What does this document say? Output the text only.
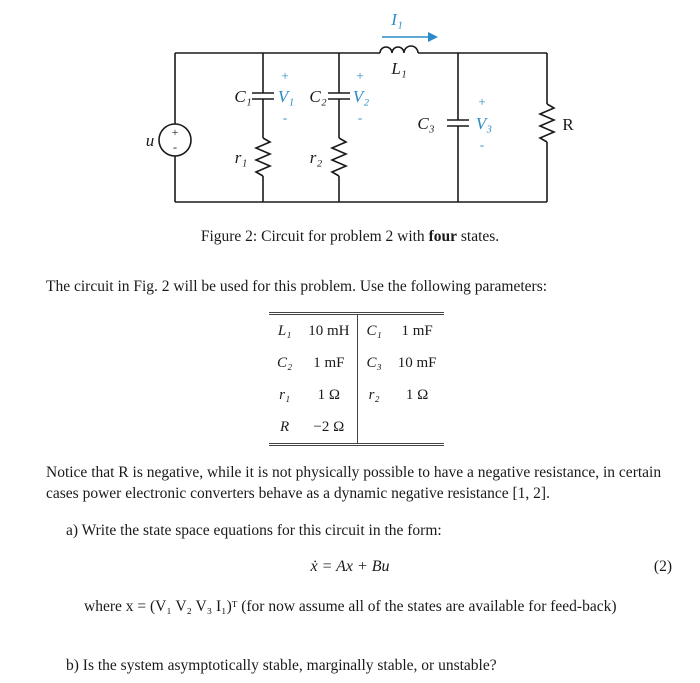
+
-
I₁
L₁
C₁ V₁
+
-
C₂ V₂
+
-	C₃ V₃
+
-
r₁	r₂
R
u
Figure 2: Circuit for problem 2 with four states.
The circuit in Fig. 2 will be used for this problem. Use the following parameters:
L₁	10 mH	C₁	1 mF
C₂	1 mF	C₃	10 mF
r₁	1 Ω	r₂	1 Ω
R	−2 Ω		
Notice that R is negative, while it is not physically possible to have a negative resistance, in certain cases power electronic converters behave as a dynamic negative resistance [1, 2].
a) Write the state space equations for this circuit in the form:
ẋ = Ax + Bu	(2)
where x = (V₁ V₂ V₃ I₁)ᵀ (for now assume all of the states are available for feed-back)
b) Is the system asymptotically stable, marginally stable, or unstable?
